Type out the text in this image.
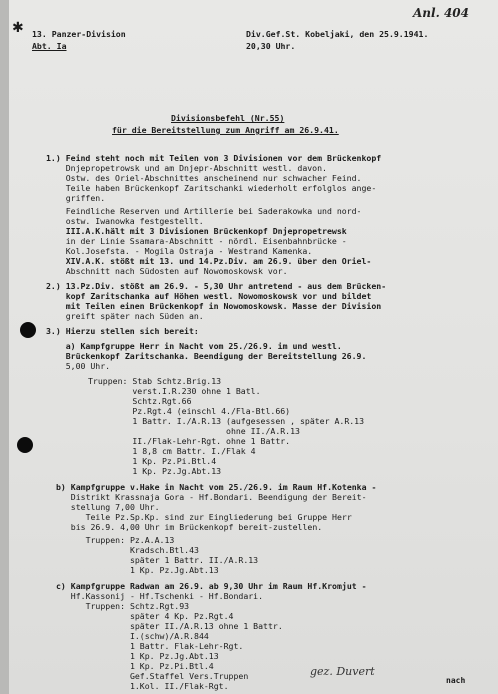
Anl. 404
✱ 13. Panzer-Division
Abt. Ia
Div.Gef.St. Kobeljaki, den 25.9.1941.
20,30 Uhr.
Divisionsbefehl (Nr.55)
für die Bereitstellung zum Angriff am 26.9.41.
1.) Feind steht noch mit Teilen von 3 Divisionen vor dem Brückenkopf
Dnjepropetrowsk und am Dnjepr-Abschnitt westl. davon.
Ostw. des Oriel-Abschnittes anscheinend nur schwacher Feind.
Teile haben Brückenkopf Zaritschanki wiederholt erfolglos ange-
griffen.
Feindliche Reserven und Artillerie bei Saderakowka und nord-
ostw. Iwanowka festgestellt.
III.A.K.hält mit 3 Divisionen Brückenkopf Dnjepropetrewsk
in der Linie Ssamara-Abschnitt - nördl. Eisenbahnbrücke -
Kol.Josefsta. - Mogila Ostraja - Westrand Kamenka.
XIV.A.K. stößt mit 13. und 14.Pz.Div. am 26.9. über den Oriel-
Abschnitt nach Südosten auf Nowomoskowsk vor.
2.) 13.Pz.Div. stößt am 26.9. - 5,30 Uhr antretend - aus dem Brücken-
kopf Zaritschanka auf Höhen westl. Nowomoskowsk vor und bildet
mit Teilen einen Brückenkopf in Nowomoskowsk. Masse der Division
greift später nach Süden an.
3.) Hierzu stellen sich bereit:
a) Kampfgruppe Herr in Nacht vom 25./26.9. im und westl.
Brückenkopf Zaritschanka. Beendigung der Bereitstellung 26.9.
5,00 Uhr.
Truppen: Stab Schtz.Brig.13
verst.I.R.230 ohne 1 Batl.
Schtz.Rgt.66
Pz.Rgt.4 (einschl 4./Fla-Btl.66)
1 Battr. I./A.R.13 (aufgesessen , später A.R.13
ohne II./A.R.13
II./Flak-Lehr-Rgt. ohne 1 Battr.
1 8,8 cm Battr. I./Flak 4
1 Kp. Pz.Pi.Btl.4
1 Kp. Pz.Jg.Abt.13
b) Kampfgruppe v.Hake in Nacht vom 25./26.9. im Raum Hf.Kotenka -
Distrikt Krassnaja Gora - Hf.Bondari. Beendigung der Bereit-
stellung 7,00 Uhr.
Teile Pz.Sp.Kp. sind zur Eingliederung bei Gruppe Herr
bis 26.9. 4,00 Uhr im Brückenkopf bereit-zustellen.
Truppen: Pz.A.A.13
Kradsch.Btl.43
später 1 Battr. II./A.R.13
1 Kp. Pz.Jg.Abt.13
c) Kampfgruppe Radwan am 26.9. ab 9,30 Uhr im Raum Hf.Kromjut -
Hf.Kassonij - Hf.Tschenki - Hf.Bondari.
Truppen: Schtz.Rgt.93
später 4 Kp. Pz.Rgt.4
später II./A.R.13 ohne 1 Battr.
I.(schw)/A.R.844
1 Battr. Flak-Lehr-Rgt.
1 Kp. Pz.Jg.Abt.13
1 Kp. Pz.Pi.Btl.4
Gef.Staffel Vers.Truppen
1.Kol. II./Flak-Rgt.
gez. Duvert
nach
